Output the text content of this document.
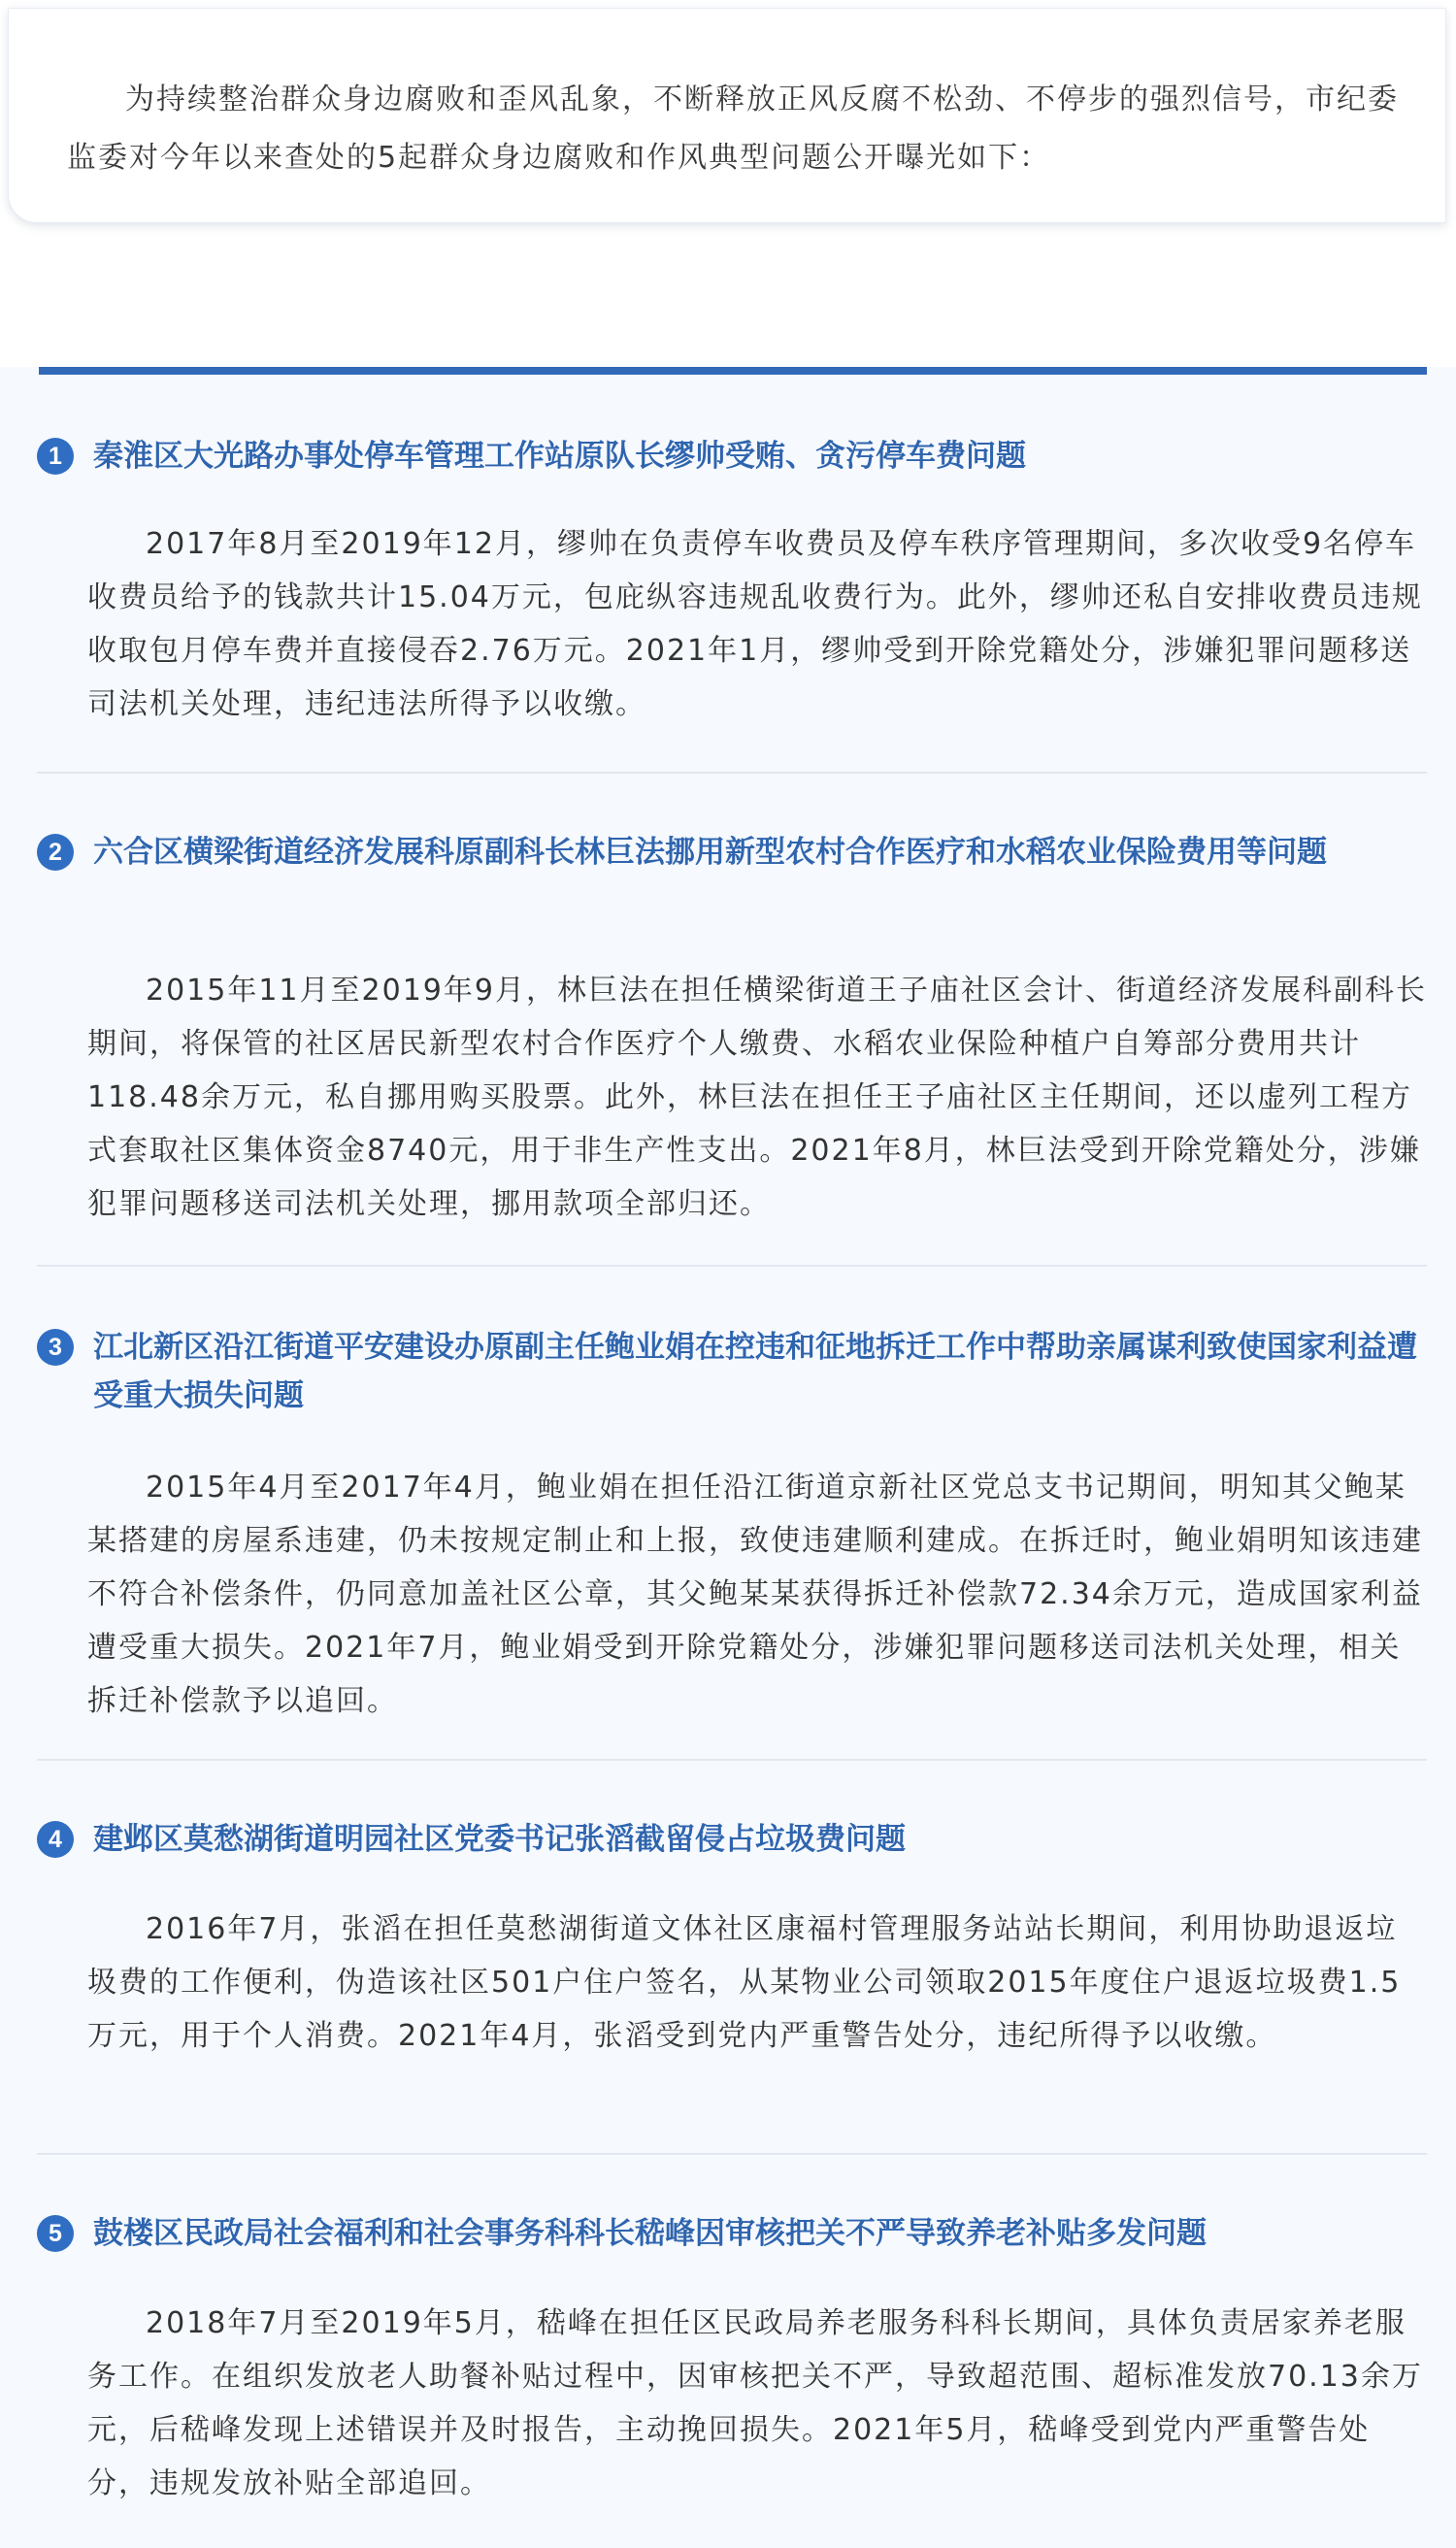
为持续整治群众身边腐败和歪风乱象，不断释放正风反腐不松劲、不停步的强烈信号，市纪委监委对今年以来查处的5起群众身边腐败和作风典型问题公开曝光如下：

1	秦淮区大光路办事处停车管理工作站原队长缪帅受贿、贪污停车费问题

2017年8月至2019年12月，缪帅在负责停车收费员及停车秩序管理期间，多次收受9名停车收费员给予的钱款共计15.04万元，包庇纵容违规乱收费行为。此外，缪帅还私自安排收费员违规收取包月停车费并直接侵吞2.76万元。2021年1月，缪帅受到开除党籍处分，涉嫌犯罪问题移送司法机关处理，违纪违法所得予以收缴。

2	六合区横梁街道经济发展科原副科长林巨法挪用新型农村合作医疗和水稻农业保险费用等问题

2015年11月至2019年9月，林巨法在担任横梁街道王子庙社区会计、街道经济发展科副科长期间，将保管的社区居民新型农村合作医疗个人缴费、水稻农业保险种植户自筹部分费用共计118.48余万元，私自挪用购买股票。此外，林巨法在担任王子庙社区主任期间，还以虚列工程方式套取社区集体资金8740元，用于非生产性支出。2021年8月，林巨法受到开除党籍处分，涉嫌犯罪问题移送司法机关处理，挪用款项全部归还。

3	江北新区沿江街道平安建设办原副主任鲍业娟在控违和征地拆迁工作中帮助亲属谋利致使国家利益遭受重大损失问题

2015年4月至2017年4月，鲍业娟在担任沿江街道京新社区党总支书记期间，明知其父鲍某某搭建的房屋系违建，仍未按规定制止和上报，致使违建顺利建成。在拆迁时，鲍业娟明知该违建不符合补偿条件，仍同意加盖社区公章，其父鲍某某获得拆迁补偿款72.34余万元，造成国家利益遭受重大损失。2021年7月，鲍业娟受到开除党籍处分，涉嫌犯罪问题移送司法机关处理，相关拆迁补偿款予以追回。

4	建邺区莫愁湖街道明园社区党委书记张滔截留侵占垃圾费问题

2016年7月，张滔在担任莫愁湖街道文体社区康福村管理服务站站长期间，利用协助退返垃圾费的工作便利，伪造该社区501户住户签名，从某物业公司领取2015年度住户退返垃圾费1.5万元，用于个人消费。2021年4月，张滔受到党内严重警告处分，违纪所得予以收缴。

5	鼓楼区民政局社会福利和社会事务科科长嵇峰因审核把关不严导致养老补贴多发问题

2018年7月至2019年5月，嵇峰在担任区民政局养老服务科科长期间，具体负责居家养老服务工作。在组织发放老人助餐补贴过程中，因审核把关不严，导致超范围、超标准发放70.13余万元，后嵇峰发现上述错误并及时报告，主动挽回损失。2021年5月，嵇峰受到党内严重警告处分，违规发放补贴全部追回。
